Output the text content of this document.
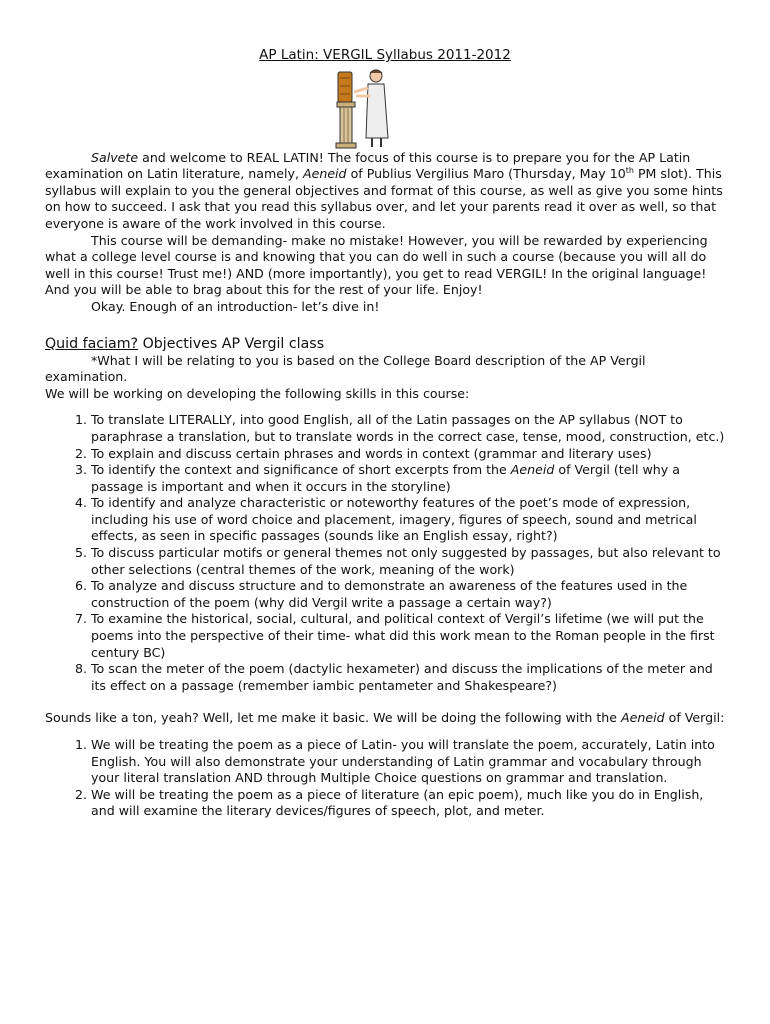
AP Latin: VERGIL Syllabus 2011-2012

Salvete and welcome to REAL LATIN! The focus of this course is to prepare you for the AP Latin examination on Latin literature, namely, Aeneid of Publius Vergilius Maro (Thursday, May 10th PM slot). This syllabus will explain to you the general objectives and format of this course, as well as give you some hints on how to succeed. I ask that you read this syllabus over, and let your parents read it over as well, so that everyone is aware of the work involved in this course.

This course will be demanding- make no mistake! However, you will be rewarded by experiencing what a college level course is and knowing that you can do well in such a course (because you will all do well in this course! Trust me!) AND (more importantly), you get to read VERGIL! In the original language! And you will be able to brag about this for the rest of your life. Enjoy!

Okay. Enough of an introduction- let’s dive in!

Quid faciam? Objectives AP Vergil class

*What I will be relating to you is based on the College Board description of the AP Vergil examination.

We will be working on developing the following skills in this course:

1. To translate LITERALLY, into good English, all of the Latin passages on the AP syllabus (NOT to paraphrase a translation, but to translate words in the correct case, tense, mood, construction, etc.)
2. To explain and discuss certain phrases and words in context (grammar and literary uses)
3. To identify the context and significance of short excerpts from the Aeneid of Vergil (tell why a passage is important and when it occurs in the storyline)
4. To identify and analyze characteristic or noteworthy features of the poet’s mode of expression, including his use of word choice and placement, imagery, figures of speech, sound and metrical effects, as seen in specific passages (sounds like an English essay, right?)
5. To discuss particular motifs or general themes not only suggested by passages, but also relevant to other selections (central themes of the work, meaning of the work)
6. To analyze and discuss structure and to demonstrate an awareness of the features used in the construction of the poem (why did Vergil write a passage a certain way?)
7. To examine the historical, social, cultural, and political context of Vergil’s lifetime (we will put the poems into the perspective of their time- what did this work mean to the Roman people in the first century BC)
8. To scan the meter of the poem (dactylic hexameter) and discuss the implications of the meter and its effect on a passage (remember iambic pentameter and Shakespeare?)

Sounds like a ton, yeah? Well, let me make it basic. We will be doing the following with the Aeneid of Vergil:

1. We will be treating the poem as a piece of Latin- you will translate the poem, accurately, Latin into English. You will also demonstrate your understanding of Latin grammar and vocabulary through your literal translation AND through Multiple Choice questions on grammar and translation.
2. We will be treating the poem as a piece of literature (an epic poem), much like you do in English, and will examine the literary devices/figures of speech, plot, and meter.
